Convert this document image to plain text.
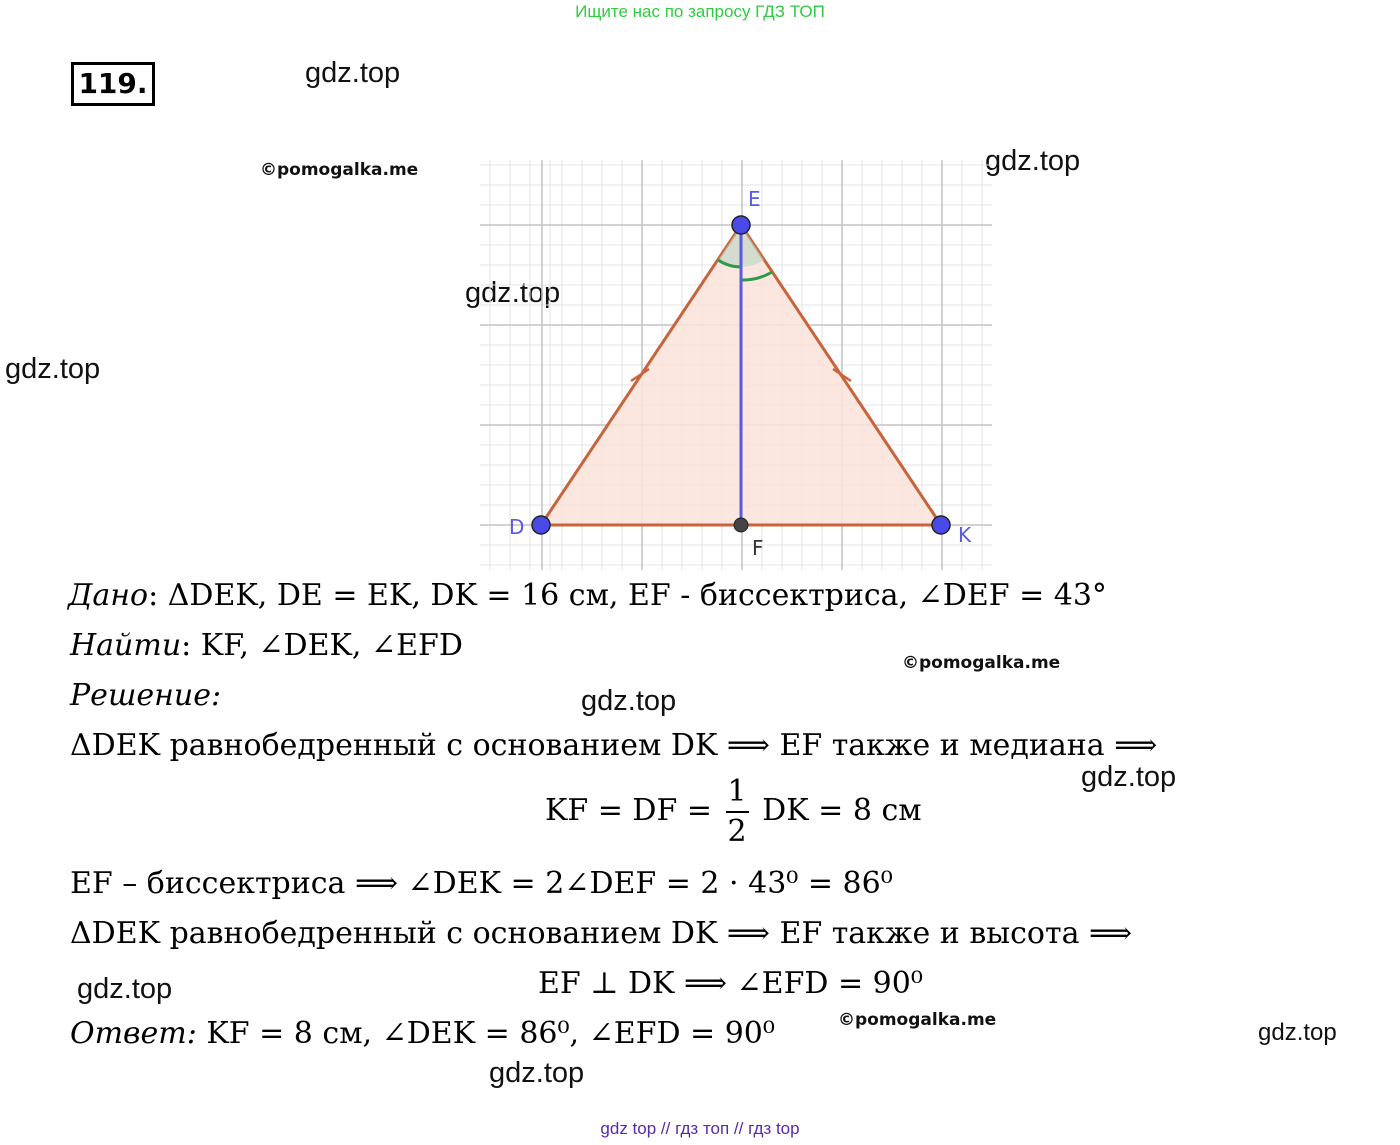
Ищите нас по запросу ГДЗ ТОП
119.	gdz.top
©pomogalka.me	gdz.top
gdz.top
gdz.top
E
D	K
F
Дано: ΔDEK, DE = EK, DK = 16 см, EF - биссектриса, ∠DEF = 43°
Найти: KF, ∠DEK, ∠EFD	©pomogalka.me
Решение:	gdz.top
ΔDEK равнобедренный с основанием DK ⟹ EF также и медиана ⟹
gdz.top
KF = DF = $\frac{1}{2}$ DK = 8 см
EF – биссектриса ⟹ ∠DEK = 2∠DEF = 2 · 43⁰ = 86⁰
ΔDEK равнобедренный с основанием DK ⟹ EF также и высота ⟹
gdz.top	EF ⊥ DK ⟹ ∠EFD = 90⁰
©pomogalka.me
Ответ: KF = 8 см, ∠DEK = 86⁰, ∠EFD = 90⁰	gdz.top
gdz.top
gdz top // гдз топ // гдз top
